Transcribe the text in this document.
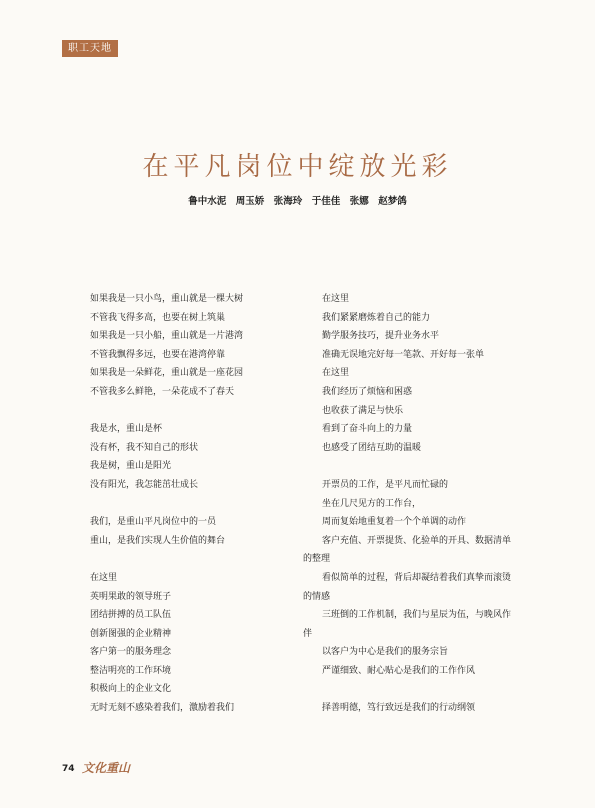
职工天地
在平凡岗位中绽放光彩
鲁中水泥　周玉娇　张海玲　于佳佳　张娜　赵梦鸽

如果我是一只小鸟，重山就是一棵大树

不管我飞得多高，也要在树上筑巢

如果我是一只小船，重山就是一片港湾

不管我飘得多远，也要在港湾停靠

如果我是一朵鲜花，重山就是一座花园

不管我多么鲜艳，一朵花成不了春天

我是水，重山是杯

没有杯，我不知自己的形状

我是树，重山是阳光

没有阳光，我怎能茁壮成长

我们，是重山平凡岗位中的一员

重山，是我们实现人生价值的舞台

在这里

英明果敢的领导班子

团结拼搏的员工队伍

创新图强的企业精神

客户第一的服务理念

整洁明亮的工作环境

积极向上的企业文化

无时无刻不感染着我们，激励着我们

在这里

我们紧紧磨炼着自己的能力

勤学服务技巧，提升业务水平

准确无误地完好每一笔款、开好每一张单

在这里

我们经历了烦恼和困惑

也收获了满足与快乐

看到了奋斗向上的力量

也感受了团结互助的温暖

开票员的工作，是平凡而忙碌的

坐在几尺见方的工作台，

周而复始地重复着一个个单调的动作

客户充值、开票提货、化验单的开具、数据清单的整理

看似简单的过程，背后却凝结着我们真挚而滚烫的情感

三班倒的工作机制，我们与星辰为伍，与晚风作伴

以客户为中心是我们的服务宗旨

严谨细致、耐心贴心是我们的工作作风

择善明德，笃行致远是我们的行动纲领

74 文化重山
